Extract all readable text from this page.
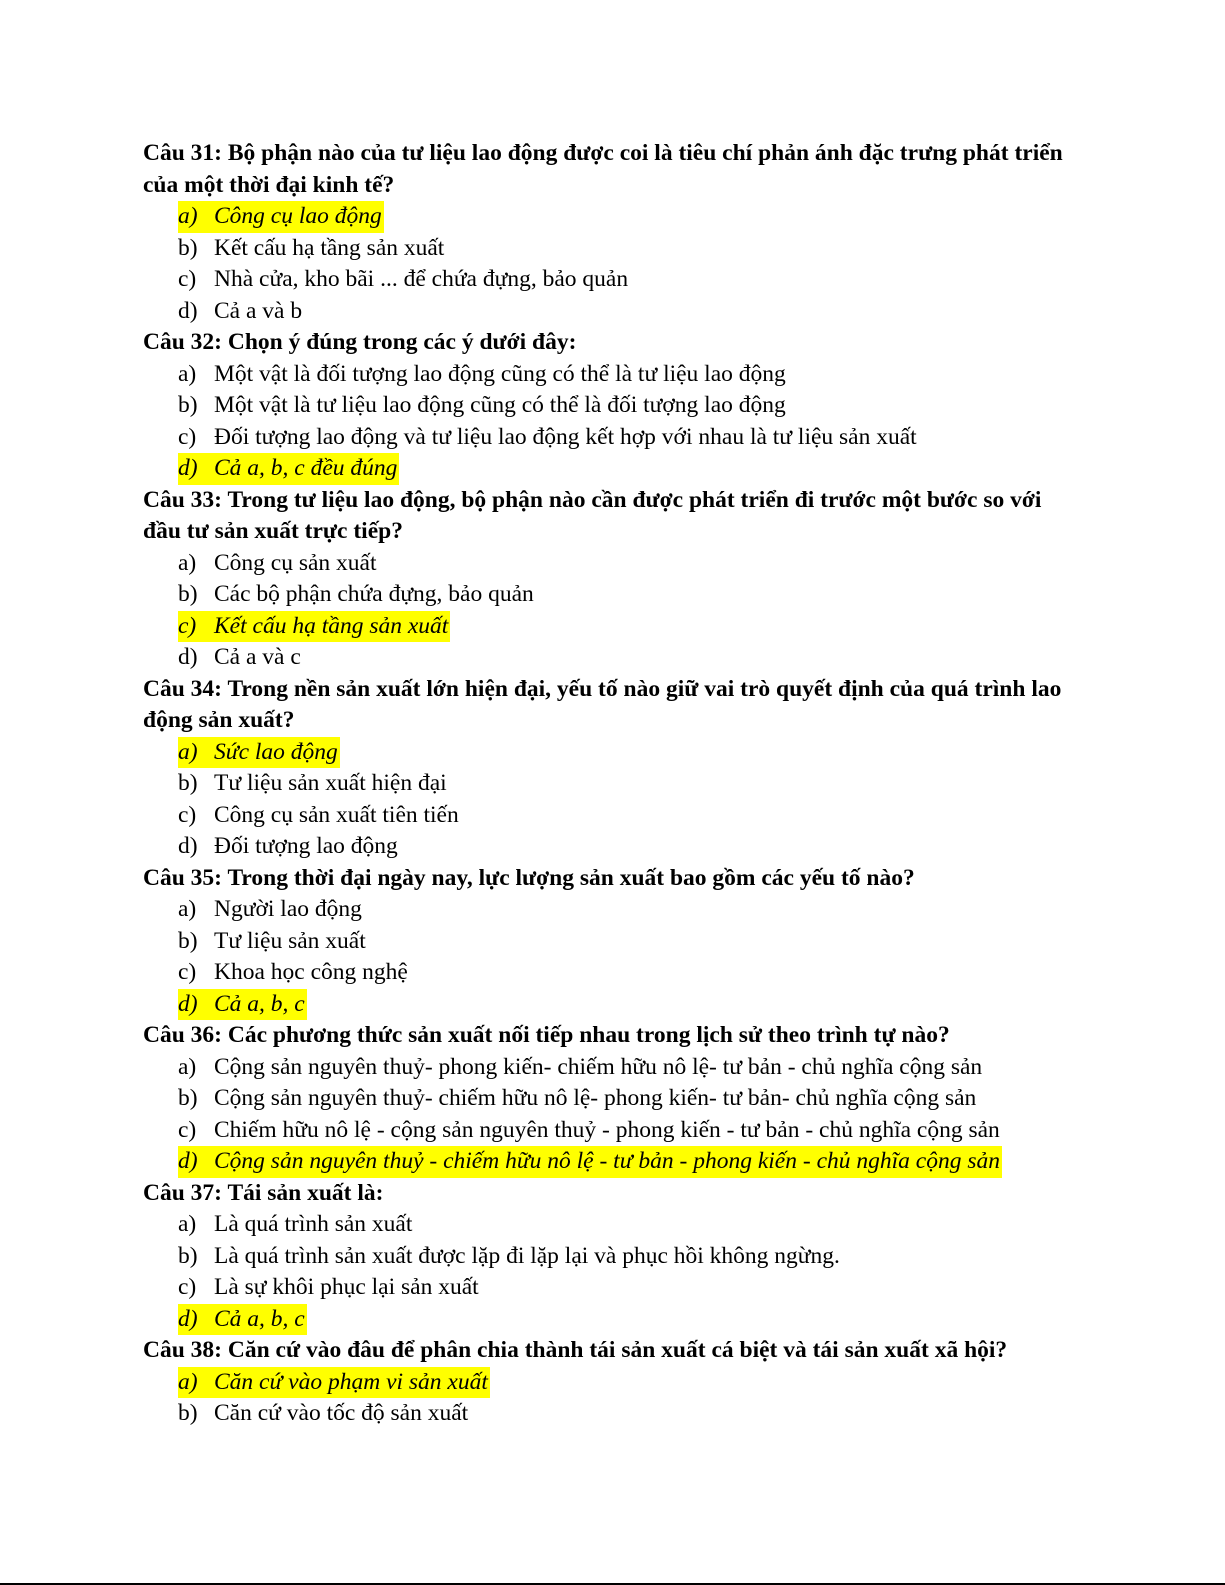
Câu 31: Bộ phận nào của tư liệu lao động được coi là tiêu chí phản ánh đặc trưng phát triển của một thời đại kinh tế?

a) Công cụ lao động

b) Kết cấu hạ tầng sản xuất

c) Nhà cửa, kho bãi ... để chứa đựng, bảo quản

d) Cả a và b

Câu 32: Chọn ý đúng trong các ý dưới đây:

a) Một vật là đối tượng lao động cũng có thể là tư liệu lao động

b) Một vật là tư liệu lao động cũng có thể là đối tượng lao động

c) Đối tượng lao động và tư liệu lao động kết hợp với nhau là tư liệu sản xuất

d) Cả a, b, c đều đúng

Câu 33: Trong tư liệu lao động, bộ phận nào cần được phát triển đi trước một bước so với đầu tư sản xuất trực tiếp?

a) Công cụ sản xuất

b) Các bộ phận chứa đựng, bảo quản

c) Kết cấu hạ tầng sản xuất

d) Cả a và c

Câu 34: Trong nền sản xuất lớn hiện đại, yếu tố nào giữ vai trò quyết định của quá trình lao động sản xuất?

a) Sức lao động

b) Tư liệu sản xuất hiện đại

c) Công cụ sản xuất tiên tiến

d) Đối tượng lao động

Câu 35: Trong thời đại ngày nay, lực lượng sản xuất bao gồm các yếu tố nào?

a) Người lao động

b) Tư liệu sản xuất

c) Khoa học công nghệ

d) Cả a, b, c

Câu 36: Các phương thức sản xuất nối tiếp nhau trong lịch sử theo trình tự nào?

a) Cộng sản nguyên thuỷ- phong kiến- chiếm hữu nô lệ- tư bản - chủ nghĩa cộng sản

b) Cộng sản nguyên thuỷ- chiếm hữu nô lệ- phong kiến- tư bản- chủ nghĩa cộng sản

c) Chiếm hữu nô lệ - cộng sản nguyên thuỷ - phong kiến - tư bản - chủ nghĩa cộng sản

d) Cộng sản nguyên thuỷ - chiếm hữu nô lệ - tư bản - phong kiến - chủ nghĩa cộng sản

Câu 37: Tái sản xuất là:

a) Là quá trình sản xuất

b) Là quá trình sản xuất được lặp đi lặp lại và phục hồi không ngừng.

c) Là sự khôi phục lại sản xuất

d) Cả a, b, c

Câu 38: Căn cứ vào đâu để phân chia thành tái sản xuất cá biệt và tái sản xuất xã hội?

a) Căn cứ vào phạm vi sản xuất

b) Căn cứ vào tốc độ sản xuất
